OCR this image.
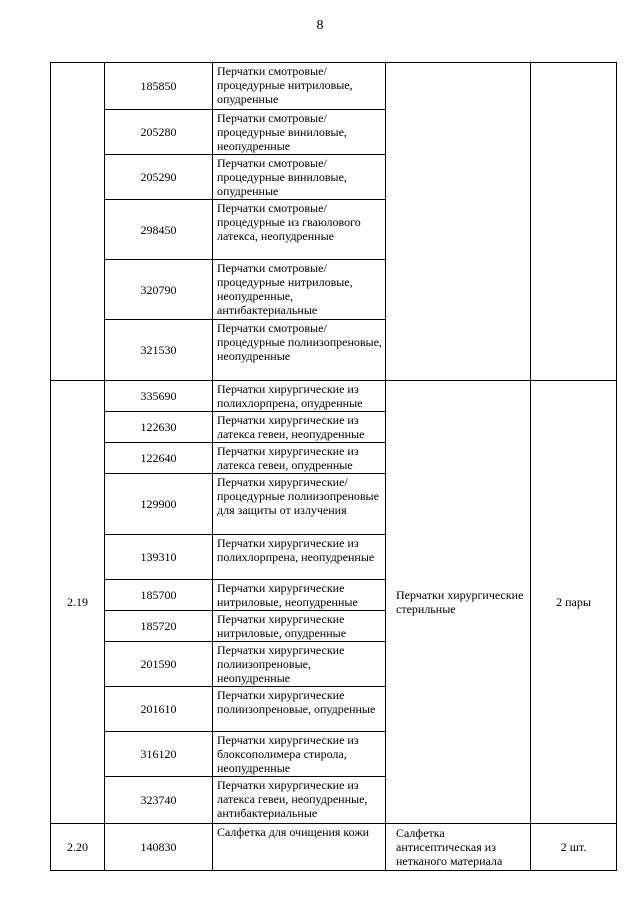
8
	185850	Перчатки смотровые/процедурные нитриловые, опудренные		
	205280	Перчатки смотровые/процедурные виниловые, неопудренные		
	205290	Перчатки смотровые/процедурные виниловые, опудренные		
	298450	Перчатки смотровые/процедурные из гваюлового латекса, неопудренные		
	320790	Перчатки смотровые/процедурные нитриловые, неопудренные, антибактериальные		
	321530	Перчатки смотровые/процедурные полиизопреновые, неопудренные		
2.19	335690	Перчатки хирургические из полихлорпрена, опудренные	Перчатки хирургические стерильные	2 пары
	122630	Перчатки хирургические из латекса гевеи, неопудренные		
	122640	Перчатки хирургические из латекса гевеи, опудренные		
	129900	Перчатки хирургические/процедурные полиизопреновые для защиты от излучения		
	139310	Перчатки хирургические из полихлорпрена, неопудренные		
	185700	Перчатки хирургические нитриловые, неопудренные		
	185720	Перчатки хирургические нитриловые, опудренные		
	201590	Перчатки хирургические полиизопреновые, неопудренные		
	201610	Перчатки хирургические полиизопреновые, опудренные		
	316120	Перчатки хирургические из блоксополимера стирола, неопудренные		
	323740	Перчатки хирургические из латекса гевеи, неопудренные, антибактериальные		
2.20	140830	Салфетка для очищения кожи	Салфетка антисептическая из нетканого материала	2 шт.
